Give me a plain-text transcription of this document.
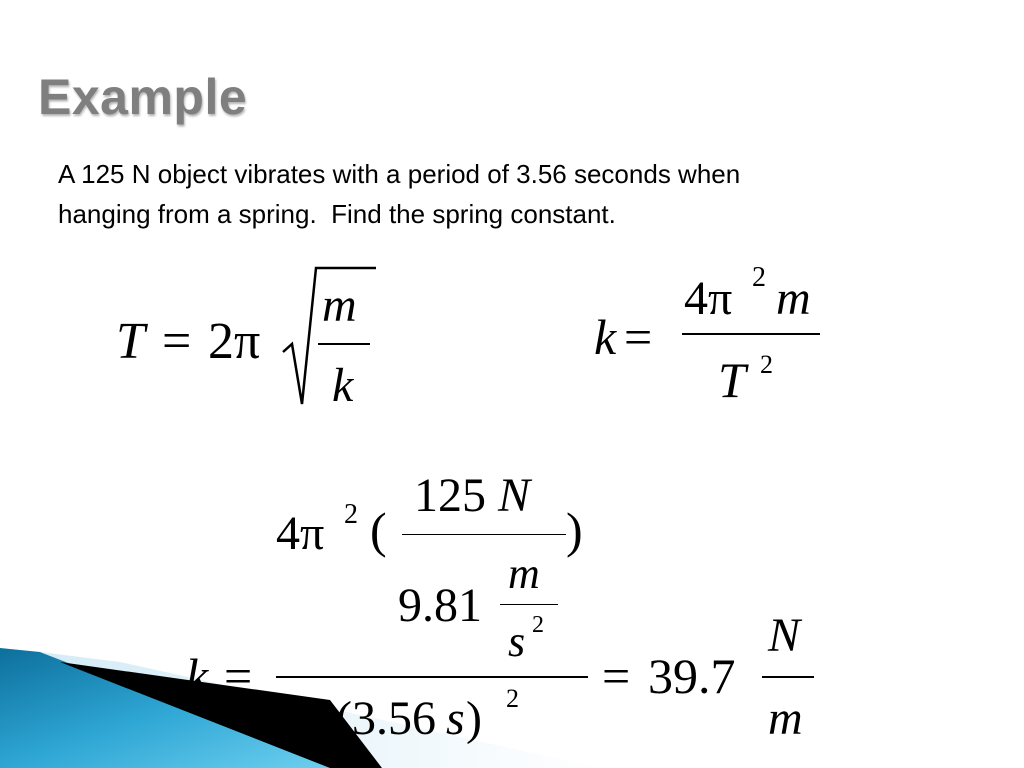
Example
A 125 N object vibrates with a period of 3.56 seconds when
hanging from a spring.  Find the spring constant.
T = 2π
m
k
k =
4π 2 m
T 2
4π 2 (
125 N
)
9.81
m
s 2
k =
(3.56 s ) 2 = 39.7
N
m
